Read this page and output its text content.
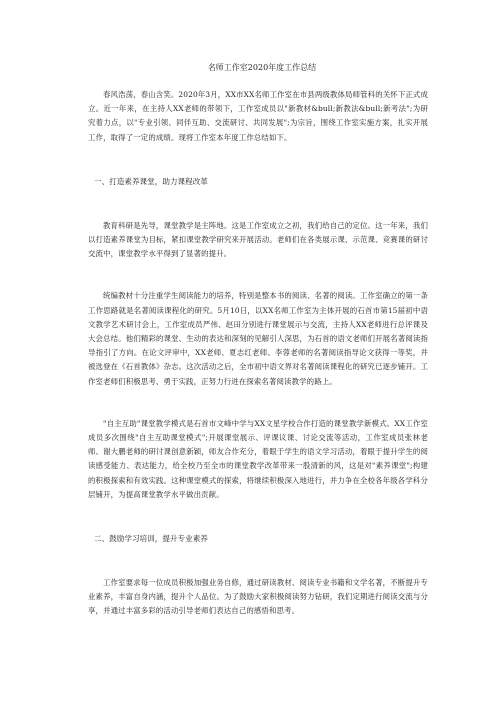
名师工作室2020年度工作总结

春风浩荡，春山含笑。2020年3月，XX市XX名师工作室在市县两级教体局师管科的关怀下正式成立。近一年来，在主持人XX老师的带领下，工作室成员以"新教材&bull;新教法&bull;新考法";为研究着力点，以"专业引领、同伴互助、交流研讨、共同发展";为宗旨，围绕工作室实施方案，扎实开展工作，取得了一定的成绩。现将工作室本年度工作总结如下。

一、打造素养课堂，助力课程改革

教育科研是先导，课堂教学是主阵地。这是工作室成立之初，我们给自己的定位。这一年来，我们以打造素养课堂为目标，紧扣课堂教学研究来开展活动。老师们在各类展示课、示范课、竞赛课的研讨交流中，课堂教学水平得到了显著的提升。

统编教材十分注重学生阅读能力的培养，特别是整本书的阅读、名著的阅读。工作室确立的第一条工作思路就是名著阅读课程化的研究。5月10日，以XX名师工作室为主体开展的石首市第15届初中语文教学艺术研讨会上，工作室成员严伟、赵田分别进行课堂展示与交流，主持人XX老师进行总评课及大会总结。他们精彩的课堂、生动的表达和深刻的见解引人深思，为石首的语文老师们开展名著阅读指导指引了方向。在论文评审中，XX老师、夏志红老师、李蓉老师的名著阅读指导论文获得一等奖，并被选登在《石首教体》杂志。这次活动之后，全市初中语文界对名著阅读课程化的研究已逐步铺开。工作室老师们积极思考、勇于实践，正努力行进在探索名著阅读教学的路上。

"自主互助"课堂教学模式是石首市文峰中学与XX文星学校合作打造的课堂教学新模式。XX工作室成员多次围绕"自主互助课堂模式";开展课堂展示、评课议课、讨论交流等活动，工作室成员张林老师、谢大鹏老师的研讨课创意新颖，师友合作充分，着眼于学生的语文学习活动，着眼于提升学生的阅读感受能力、表达能力，给全校乃至全市的课堂教学改革带来一股清新的风，这是对"素养课堂";构建的积极探索和有效实践。这种课堂模式的探索，将继续积极深入地进行，并力争在全校各年级各学科分层铺开，为提高课堂教学水平做出贡献。

二、鼓励学习培训，提升专业素养

工作室要求每一位成员积极加强业务自修，通过研读教材、阅读专业书籍和文学名著，不断提升专业素养，丰富自身内涵，提升个人品位。为了鼓励大家积极阅读努力钻研，我们定期进行阅读交流与分享，并通过丰富多彩的活动引导老师们表达自己的感悟和思考。
